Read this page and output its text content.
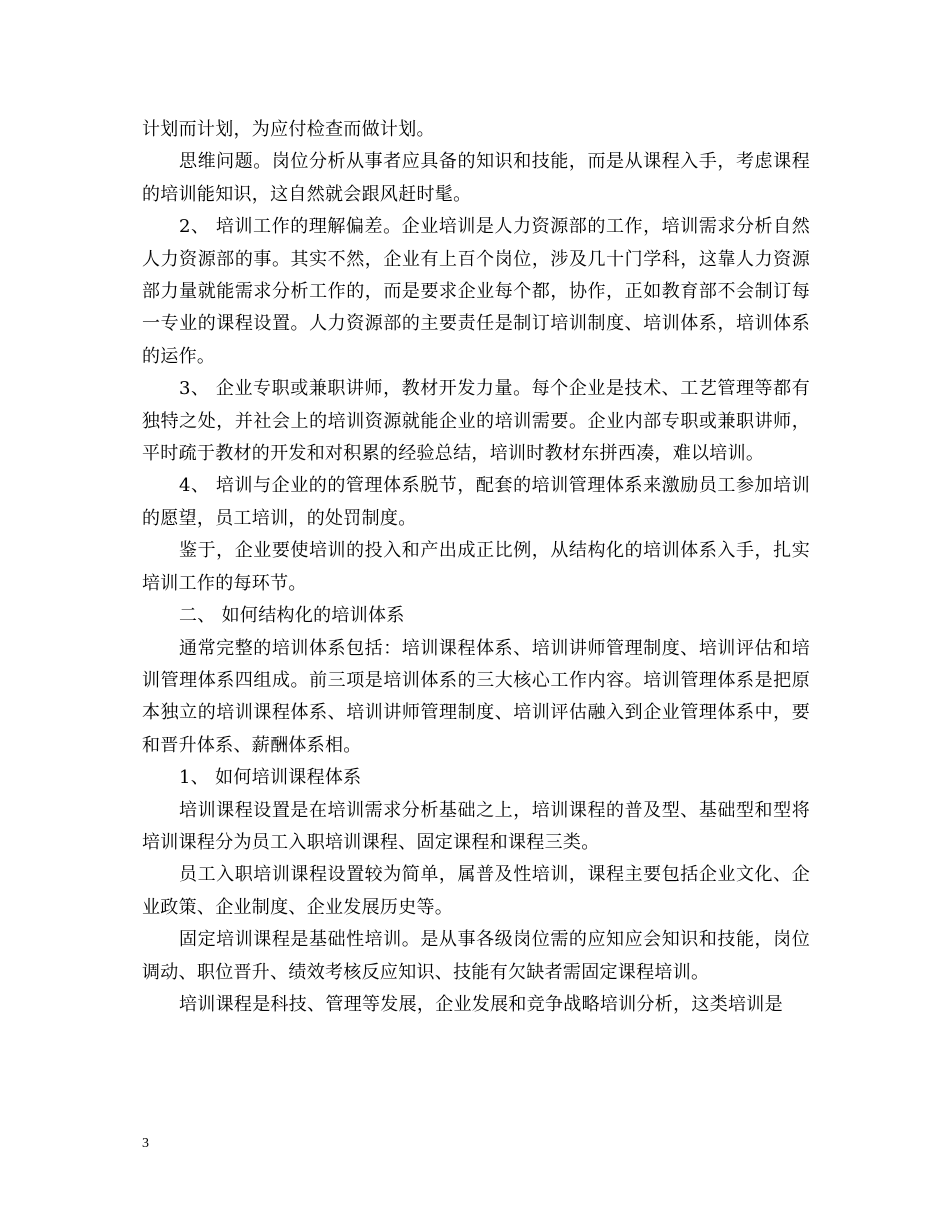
计划而计划，为应付检查而做计划。

思维问题。岗位分析从事者应具备的知识和技能，而是从课程入手，考虑课程的培训能知识，这自然就会跟风赶时髦。

2、 培训工作的理解偏差。企业培训是人力资源部的工作，培训需求分析自然人力资源部的事。其实不然，企业有上百个岗位，涉及几十门学科，这靠人力资源部力量就能需求分析工作的，而是要求企业每个都，协作，正如教育部不会制订每一专业的课程设置。人力资源部的主要责任是制订培训制度、培训体系，培训体系的运作。

3、 企业专职或兼职讲师，教材开发力量。每个企业是技术、工艺管理等都有独特之处，并社会上的培训资源就能企业的培训需要。企业内部专职或兼职讲师，平时疏于教材的开发和对积累的经验总结，培训时教材东拼西凑，难以培训。

4、 培训与企业的的管理体系脱节，配套的培训管理体系来激励员工参加培训的愿望，员工培训，的处罚制度。

鉴于，企业要使培训的投入和产出成正比例，从结构化的培训体系入手，扎实培训工作的每环节。

二、 如何结构化的培训体系

通常完整的培训体系包括：培训课程体系、培训讲师管理制度、培训评估和培训管理体系四组成。前三项是培训体系的三大核心工作内容。培训管理体系是把原本独立的培训课程体系、培训讲师管理制度、培训评估融入到企业管理体系中，要和晋升体系、薪酬体系相。

1、 如何培训课程体系

培训课程设置是在培训需求分析基础之上，培训课程的普及型、基础型和型将培训课程分为员工入职培训课程、固定课程和课程三类。

员工入职培训课程设置较为简单，属普及性培训，课程主要包括企业文化、企业政策、企业制度、企业发展历史等。

固定培训课程是基础性培训。是从事各级岗位需的应知应会知识和技能，岗位调动、职位晋升、绩效考核反应知识、技能有欠缺者需固定课程培训。

培训课程是科技、管理等发展，企业发展和竞争战略培训分析，这类培训是

3
